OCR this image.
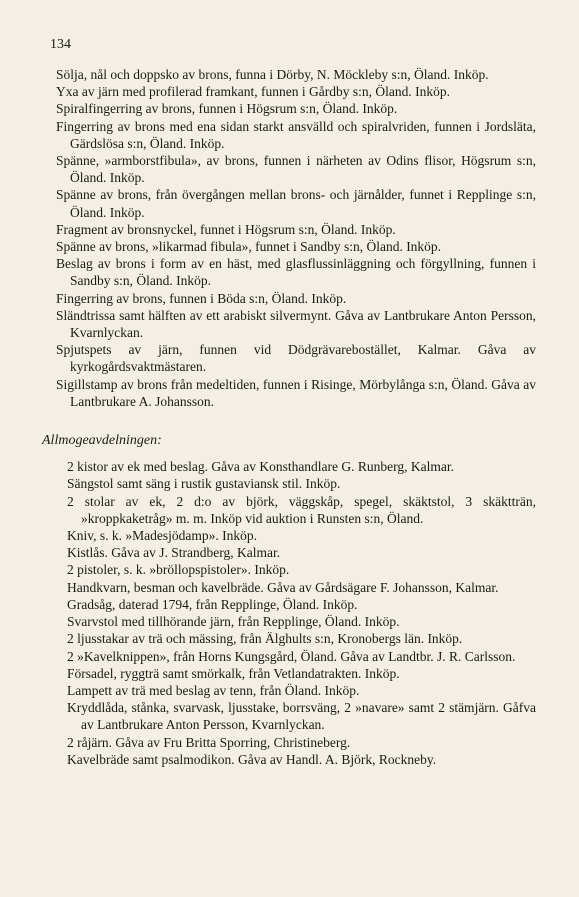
134

Sölja, nål och doppsko av brons, funna i Dörby, N. Möckleby s:n, Öland. Inköp.

Yxa av järn med profilerad framkant, funnen i Gårdby s:n, Öland. Inköp.

Spiralfingerring av brons, funnen i Högsrum s:n, Öland. Inköp.

Fingerring av brons med ena sidan starkt ansvälld och spiralvriden, funnen i Jordsläta, Gärdslösa s:n, Öland. Inköp.

Spänne, »armborstfibula», av brons, funnen i närheten av Odins flisor, Högsrum s:n, Öland. Inköp.

Spänne av brons, från övergången mellan brons- och järnålder, funnet i Repplinge s:n, Öland. Inköp.

Fragment av bronsnyckel, funnet i Högsrum s:n, Öland. Inköp.

Spänne av brons, »likarmad fibula», funnet i Sandby s:n, Öland. Inköp.

Beslag av brons i form av en häst, med glasflussinläggning och förgyllning, funnen i Sandby s:n, Öland. Inköp.

Fingerring av brons, funnen i Böda s:n, Öland. Inköp.

Sländtrissa samt hälften av ett arabiskt silvermynt. Gåva av Lantbrukare Anton Persson, Kvarnlyckan.

Spjutspets av järn, funnen vid Dödgrävarebostället, Kalmar. Gåva av kyrkogårdsvaktmästaren.

Sigillstamp av brons från medeltiden, funnen i Risinge, Mörbylånga s:n, Öland. Gåva av Lantbrukare A. Johansson.

Allmogeavdelningen:

2 kistor av ek med beslag. Gåva av Konsthandlare G. Runberg, Kalmar.

Sängstol samt säng i rustik gustaviansk stil. Inköp.

2 stolar av ek, 2 d:o av björk, väggskåp, spegel, skäktstol, 3 skäktträn, »kroppkaketråg» m. m. Inköp vid auktion i Runsten s:n, Öland.

Kniv, s. k. »Madesjödamp». Inköp.

Kistlås. Gåva av J. Strandberg, Kalmar.

2 pistoler, s. k. »bröllopspistoler». Inköp.

Handkvarn, besman och kavelbräde. Gåva av Gårdsägare F. Johansson, Kalmar.

Gradsåg, daterad 1794, från Repplinge, Öland. Inköp.

Svarvstol med tillhörande järn, från Repplinge, Öland. Inköp.

2 ljusstakar av trä och mässing, från Älghults s:n, Kronobergs län. Inköp.

2 »Kavelknippen», från Horns Kungsgård, Öland. Gåva av Landtbr. J. R. Carlsson.

Försadel, ryggträ samt smörkalk, från Vetlandatrakten. Inköp.

Lampett av trä med beslag av tenn, från Öland. Inköp.

Kryddlåda, stånka, svarvask, ljusstake, borrsväng, 2 »navare» samt 2 stämjärn. Gåfva av Lantbrukare Anton Persson, Kvarnlyckan.

2 råjärn. Gåva av Fru Britta Sporring, Christineberg.

Kavelbräde samt psalmodikon. Gåva av Handl. A. Björk, Rockneby.
